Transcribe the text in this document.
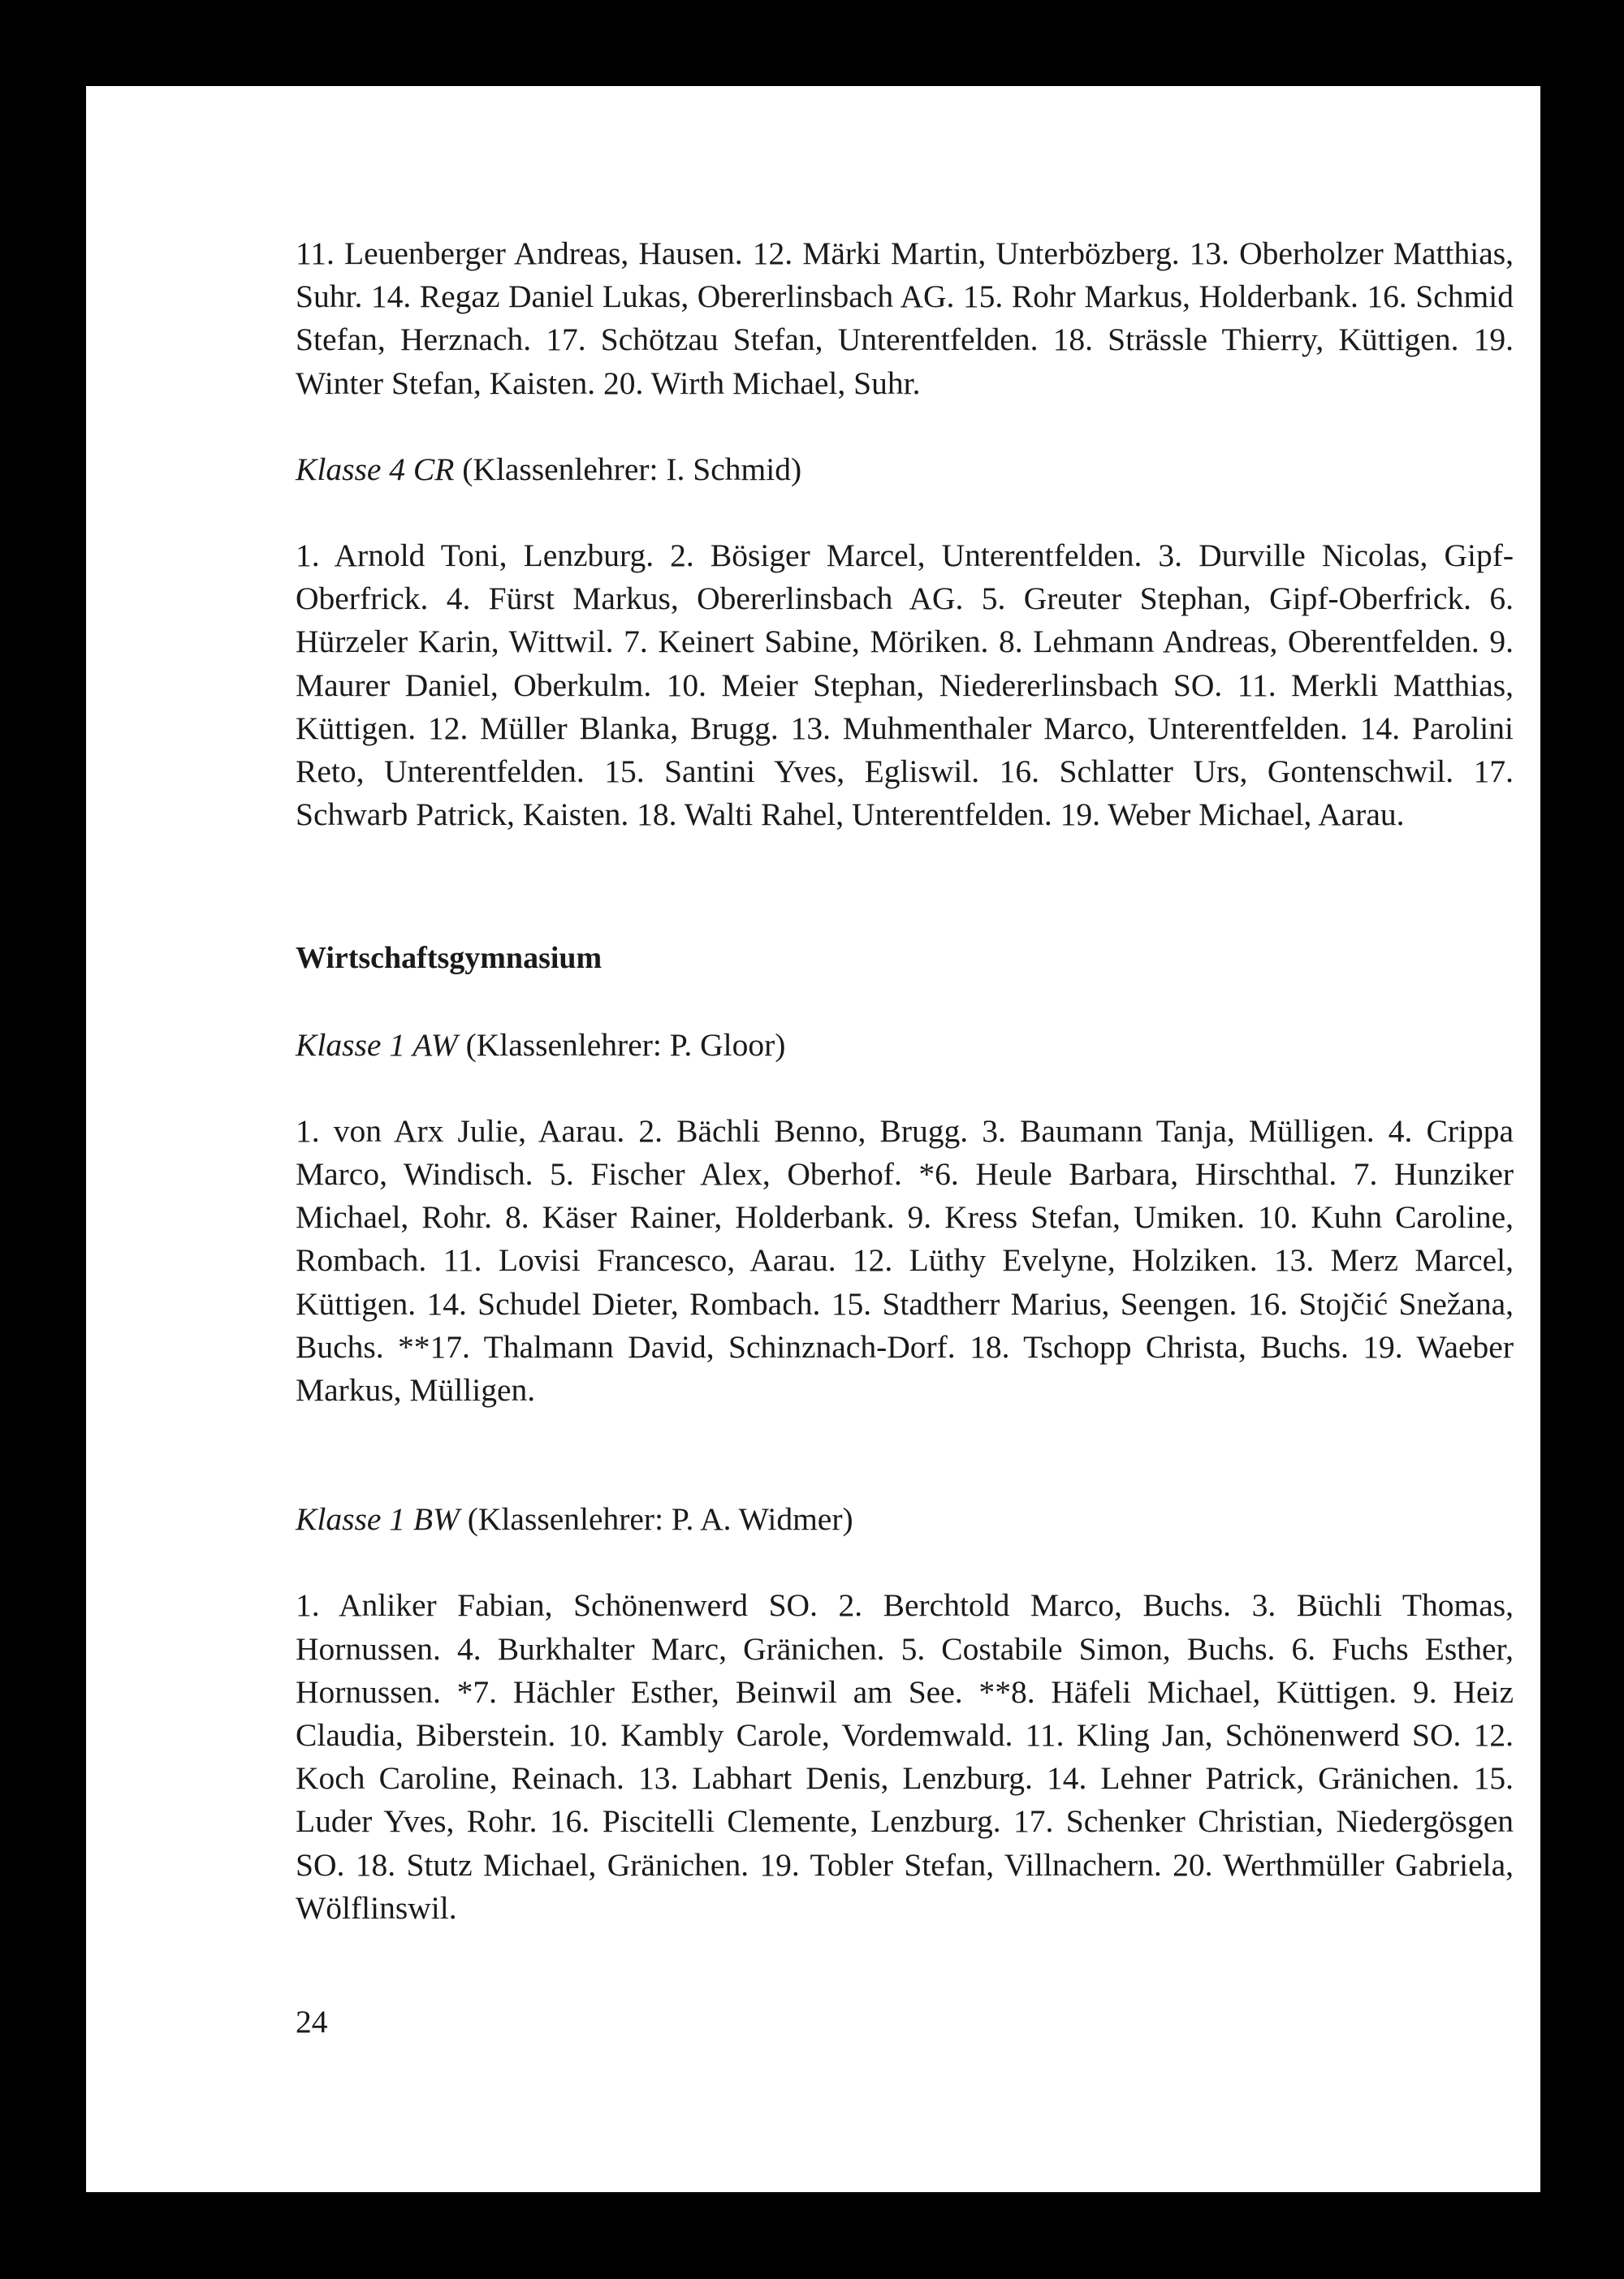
11. Leuenberger Andreas, Hausen. 12. Märki Martin, Unterbözberg. 13. Oberholzer Matthias, Suhr. 14. Regaz Daniel Lukas, Obererlinsbach AG. 15. Rohr Markus, Holderbank. 16. Schmid Stefan, Herznach. 17. Schötzau Stefan, Unterentfelden. 18. Strässle Thierry, Küttigen. 19. Winter Stefan, Kaisten. 20. Wirth Michael, Suhr.

Klasse 4 CR (Klassenlehrer: I. Schmid)

1. Arnold Toni, Lenzburg. 2. Bösiger Marcel, Unterentfelden. 3. Durville Nicolas, Gipf-Oberfrick. 4. Fürst Markus, Obererlinsbach AG. 5. Greuter Stephan, Gipf-Oberfrick. 6. Hürzeler Karin, Wittwil. 7. Keinert Sabine, Möriken. 8. Lehmann Andreas, Oberentfelden. 9. Maurer Daniel, Oberkulm. 10. Meier Stephan, Niedererlinsbach SO. 11. Merkli Matthias, Küttigen. 12. Müller Blanka, Brugg. 13. Muhmenthaler Marco, Unterentfelden. 14. Parolini Reto, Unterentfelden. 15. Santini Yves, Egliswil. 16. Schlatter Urs, Gontenschwil. 17. Schwarb Patrick, Kaisten. 18. Walti Rahel, Unterentfelden. 19. Weber Michael, Aarau.

Wirtschaftsgymnasium

Klasse 1 AW (Klassenlehrer: P. Gloor)

1. von Arx Julie, Aarau. 2. Bächli Benno, Brugg. 3. Baumann Tanja, Mülligen. 4. Crippa Marco, Windisch. 5. Fischer Alex, Oberhof. *6. Heule Barbara, Hirschthal. 7. Hunziker Michael, Rohr. 8. Käser Rainer, Holderbank. 9. Kress Stefan, Umiken. 10. Kuhn Caroline, Rombach. 11. Lovisi Francesco, Aarau. 12. Lüthy Evelyne, Holziken. 13. Merz Marcel, Küttigen. 14. Schudel Dieter, Rombach. 15. Stadtherr Marius, Seengen. 16. Stojčić Snežana, Buchs. **17. Thalmann David, Schinznach-Dorf. 18. Tschopp Christa, Buchs. 19. Waeber Markus, Mülligen.

Klasse 1 BW (Klassenlehrer: P. A. Widmer)

1. Anliker Fabian, Schönenwerd SO. 2. Berchtold Marco, Buchs. 3. Büchli Thomas, Hornussen. 4. Burkhalter Marc, Gränichen. 5. Costabile Simon, Buchs. 6. Fuchs Esther, Hornussen. *7. Hächler Esther, Beinwil am See. **8. Häfeli Michael, Küttigen. 9. Heiz Claudia, Biberstein. 10. Kambly Carole, Vordemwald. 11. Kling Jan, Schönenwerd SO. 12. Koch Caroline, Reinach. 13. Labhart Denis, Lenzburg. 14. Lehner Patrick, Gränichen. 15. Luder Yves, Rohr. 16. Piscitelli Clemente, Lenzburg. 17. Schenker Christian, Niedergösgen SO. 18. Stutz Michael, Gränichen. 19. Tobler Stefan, Villnachern. 20. Werthmüller Gabriela, Wölflinswil.

24
